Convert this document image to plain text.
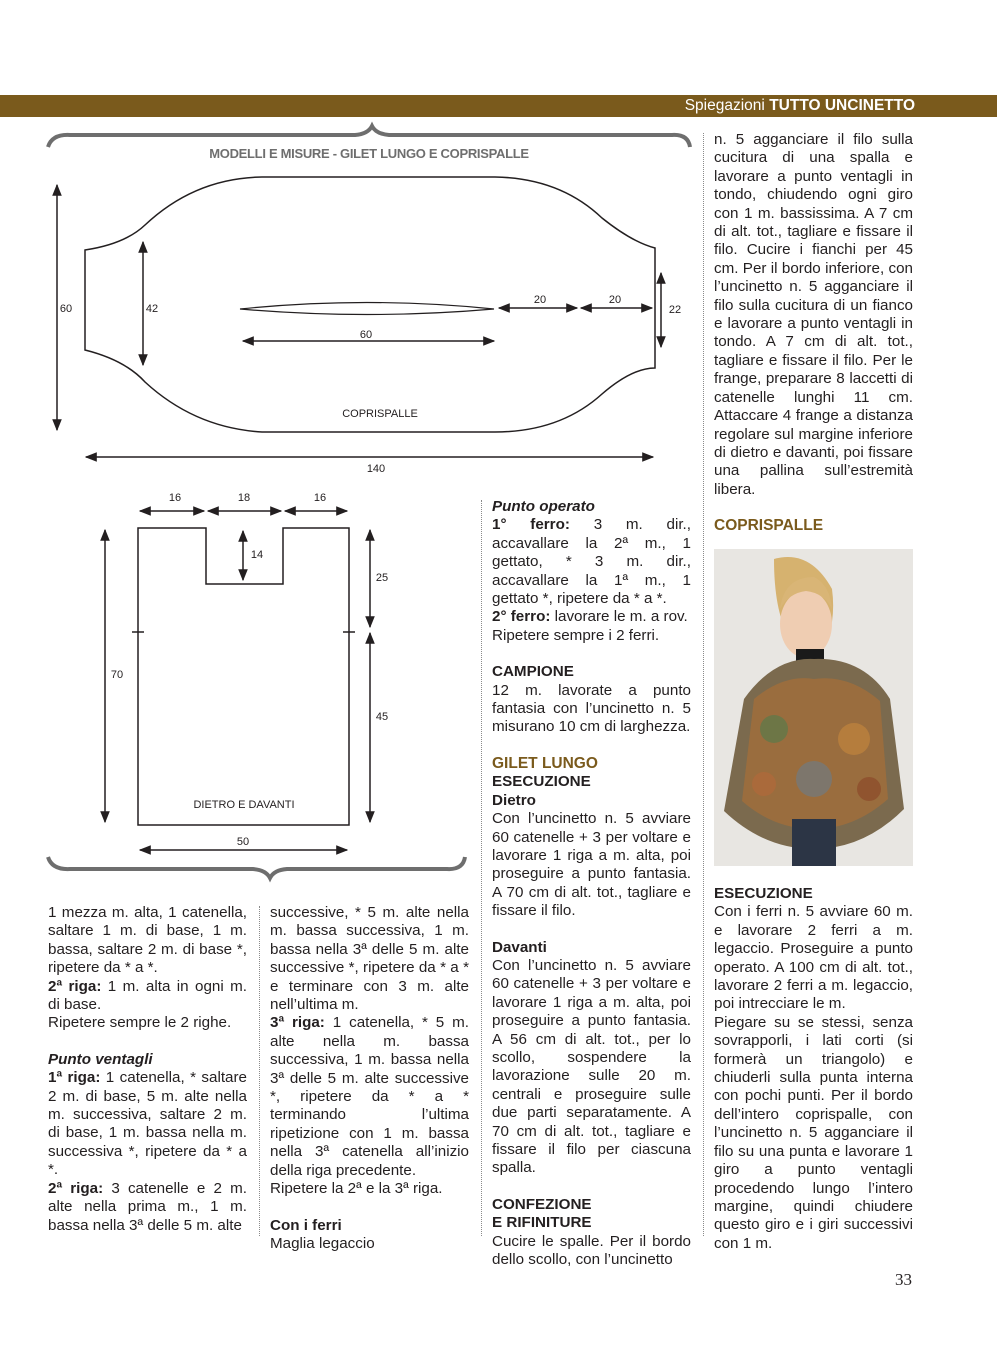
Spiegazioni TUTTO UNCINETTO
MODELLI E MISURE - GILET LUNGO E COPRISPALLE
60	42
20	20
22
60
COPRISPALLE
140
16	18	16
14
25
45
70
DIETRO E DAVANTI
50

1 mezza m. alta, 1 catenella, saltare 1 m. di base, 1 m. bassa, saltare 2 m. di base *, ripetere da * a *.

2ª riga: 1 m. alta in ogni m. di base.

Ripetere sempre le 2 righe.

Punto ventagli

1ª riga: 1 catenella, * saltare 2 m. di base, 5 m. alte nella m. successiva, saltare 2 m. di base, 1 m. bassa nella m. successiva *, ripetere da * a *.

2ª riga: 3 catenelle e 2 m. alte nella prima m., 1 m. bassa nella 3ª delle 5 m. alte

successive, * 5 m. alte nella m. bassa successiva, 1 m. bassa nella 3ª delle 5 m. alte successive *, ripetere da * a * e terminare con 3 m. alte nell’ultima m.

3ª riga: 1 catenella, * 5 m. alte nella m. bassa successiva, 1 m. bassa nella 3ª delle 5 m. alte successive *, ripetere da * a * terminando l’ultima ripetizione con 1 m. bassa nella 3ª catenella all’inizio della riga precedente.

Ripetere la 2ª e la 3ª riga.

Con i ferri

Maglia legaccio

Punto operato

1° ferro: 3 m. dir., accavallare la 2ª m., 1 gettato, * 3 m. dir., accavallare la 1ª m., 1 gettato *, ripetere da * a *.

2° ferro: lavorare le m. a rov.

Ripetere sempre i 2 ferri.

CAMPIONE

12 m. lavorate a punto fantasia con l’uncinetto n. 5 misurano 10 cm di larghezza.

GILET LUNGO

ESECUZIONE

Dietro

Con l’uncinetto n. 5 avviare 60 catenelle + 3 per voltare e lavorare 1 riga a m. alta, poi proseguire a punto fantasia. A 70 cm di alt. tot., tagliare e fissare il filo.

Davanti

Con l’uncinetto n. 5 avviare 60 catenelle + 3 per voltare e lavorare 1 riga a m. alta, poi proseguire a punto fantasia. A 56 cm di alt. tot., per lo scollo, sospendere la lavorazione sulle 20 m. centrali e proseguire sulle due parti separatamente. A 70 cm di alt. tot., tagliare e fissare il filo per ciascuna spalla.

CONFEZIONE

E RIFINITURE

Cucire le spalle. Per il bordo dello scollo, con l’uncinetto

n. 5 agganciare il filo sulla cucitura di una spalla e lavorare a punto ventagli in tondo, chiudendo ogni giro con 1 m. bassissima. A 7 cm di alt. tot., tagliare e fissare il filo. Cucire i fianchi per 45 cm. Per il bordo inferiore, con l’uncinetto n. 5 agganciare il filo sulla cucitura di un fianco e lavorare a punto ventagli in tondo. A 7 cm di alt. tot., tagliare e fissare il filo. Per le frange, preparare 8 laccetti di catenelle lunghi 11 cm. Attaccare 4 frange a distanza regolare sul margine inferiore di dietro e davanti, poi fissare una pallina sull’estremità libera.

COPRISPALLE

ESECUZIONE

Con i ferri n. 5 avviare 60 m. e lavorare 2 ferri a m. legaccio. Proseguire a punto operato. A 100 cm di alt. tot., lavorare 2 ferri a m. legaccio, poi intrecciare le m.

Piegare su se stessi, senza sovrapporli, i lati corti (si formerà un triangolo) e chiuderli sulla punta interna con pochi punti. Per il bordo dell’intero coprispalle, con l’uncinetto n. 5 agganciare il filo su una punta e lavorare 1 giro a punto ventagli procedendo lungo l’intero margine, quindi chiudere questo giro e i giri successivi con 1 m.

33
